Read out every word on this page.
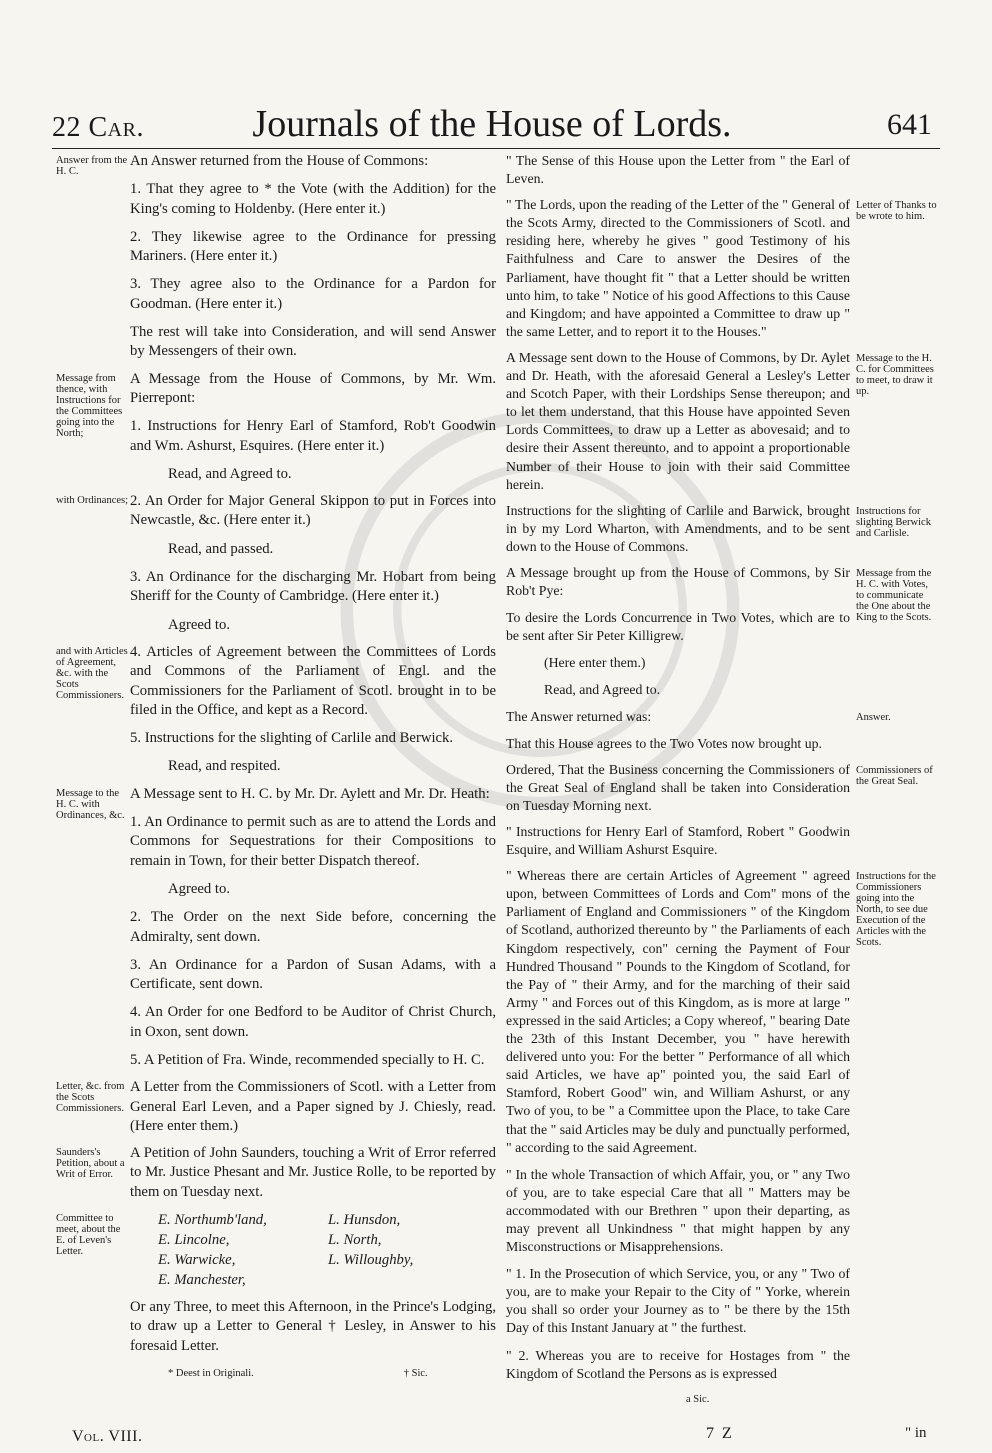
22 Car.	Journals of the House of Lords.	641
Answer from the H. C.

An Answer returned from the House of Commons:

1. That they agree to * the Vote (with the Addition) for the King's coming to Holdenby. (Here enter it.)

2. They likewise agree to the Ordinance for pressing Mariners. (Here enter it.)

3. They agree also to the Ordinance for a Pardon for Goodman. (Here enter it.)

The rest will take into Consideration, and will send Answer by Messengers of their own.

Message from thence, with Instructions for the Committees going into the North;

A Message from the House of Commons, by Mr. Wm. Pierrepont:

1. Instructions for Henry Earl of Stamford, Rob't Goodwin and Wm. Ashurst, Esquires. (Here enter it.)

Read, and Agreed to.

with Ordinances; 2. An Order for Major General Skippon to put in Forces into Newcastle, &c. (Here enter it.)

Read, and passed.

3. An Ordinance for the discharging Mr. Hobart from being Sheriff for the County of Cambridge. (Here enter it.)

Agreed to.

and with Articles of Agreement, &c. with the Scots Commissioners.

4. Articles of Agreement between the Committees of Lords and Commons of the Parliament of Engl. and the Commissioners for the Parliament of Scotl. brought in to be filed in the Office, and kept as a Record.

5. Instructions for the slighting of Carlile and Berwick.

Read, and respited.

Message to the H. C. with Ordinances, &c.

A Message sent to H. C. by Mr. Dr. Aylett and Mr. Dr. Heath:

1. An Ordinance to permit such as are to attend the Lords and Commons for Sequestrations for their Compositions to remain in Town, for their better Dispatch thereof.

Agreed to.

2. The Order on the next Side before, concerning the Admiralty, sent down.

3. An Ordinance for a Pardon of Susan Adams, with a Certificate, sent down.

4. An Order for one Bedford to be Auditor of Christ Church, in Oxon, sent down.

5. A Petition of Fra. Winde, recommended specially to H. C.

Letter, &c. from the Scots Commissioners.

A Letter from the Commissioners of Scotl. with a Letter from General Earl Leven, and a Paper signed by J. Chiesly, read. (Here enter them.)

Saunders's Petition, about a Writ of Error.

A Petition of John Saunders, touching a Writ of Error referred to Mr. Justice Phesant and Mr. Justice Rolle, to be reported by them on Tuesday next.

Committee to meet, about the E. of Leven's Letter.
E. Northumb'land,	L. Hunsdon,
E. Lincolne,	L. North,
E. Warwicke,	L. Willoughby,
E. Manchester,

Or any Three, to meet this Afternoon, in the Prince's Lodging, to draw up a Letter to General † Lesley, in Answer to his foresaid Letter.

* Deest in Originali.	† Sic.

" The Sense of this House upon the Letter from " the Earl of Leven.

" The Lords, upon the reading of the Letter of the " General of the Scots Army, directed to the Commissioners of Scotl. and residing here, whereby he gives " good Testimony of his Faithfulness and Care to answer the Desires of the Parliament, have thought fit " that a Letter should be written unto him, to take " Notice of his good Affections to this Cause and Kingdom; and have appointed a Committee to draw up " the same Letter, and to report it to the Houses."

Letter of Thanks to be wrote to him.

A Message sent down to the House of Commons, by Dr. Aylet and Dr. Heath, with the aforesaid General a Lesley's Letter and Scotch Paper, with their Lordships Sense thereupon; and to let them understand, that this House have appointed Seven Lords Committees, to draw up a Letter as abovesaid; and to desire their Assent thereunto, and to appoint a proportionable Number of their House to join with their said Committee herein.

Message to the H. C. for Committees to meet, to draw it up.

Instructions for the slighting of Carlile and Barwick, brought in by my Lord Wharton, with Amendments, and to be sent down to the House of Commons.

Instructions for slighting Berwick and Carlisle.

A Message brought up from the House of Commons, by Sir Rob't Pye:

To desire the Lords Concurrence in Two Votes, which are to be sent after Sir Peter Killigrew.

(Here enter them.)

Read, and Agreed to.

Message from the H. C. with Votes, to communicate the One about the King to the Scots.

The Answer returned was:

That this House agrees to the Two Votes now brought up.

Answer.

Ordered, That the Business concerning the Commissioners of the Great Seal of England shall be taken into Consideration on Tuesday Morning next.

Commissioners of the Great Seal.

" Instructions for Henry Earl of Stamford, Robert " Goodwin Esquire, and William Ashurst Esquire.

" Whereas there are certain Articles of Agreement " agreed upon, between Committees of Lords and Com" mons of the Parliament of England and Commissioners " of the Kingdom of Scotland, authorized thereunto by " the Parliaments of each Kingdom respectively, con" cerning the Payment of Four Hundred Thousand " Pounds to the Kingdom of Scotland, for the Pay of " their Army, and for the marching of their said Army " and Forces out of this Kingdom, as is more at large " expressed in the said Articles; a Copy whereof, " bearing Date the 23th of this Instant December, you " have herewith delivered unto you: For the better " Performance of all which said Articles, we have ap" pointed you, the said Earl of Stamford, Robert Good" win, and William Ashurst, or any Two of you, to be " a Committee upon the Place, to take Care that the " said Articles may be duly and punctually performed, " according to the said Agreement.

" In the whole Transaction of which Affair, you, or " any Two of you, are to take especial Care that all " Matters may be accommodated with our Brethren " upon their departing, as may prevent all Unkindness " that might happen by any Misconstructions or Misapprehensions.

" 1. In the Prosecution of which Service, you, or any " Two of you, are to make your Repair to the City of " Yorke, wherein you shall so order your Journey as to " be there by the 15th Day of this Instant January at " the furthest.

" 2. Whereas you are to receive for Hostages from " the Kingdom of Scotland the Persons as is expressed

Instructions for the Commissioners going into the North, to see due Execution of the Articles with the Scots.
a Sic.
Vol. VIII.	7 Z	" in
